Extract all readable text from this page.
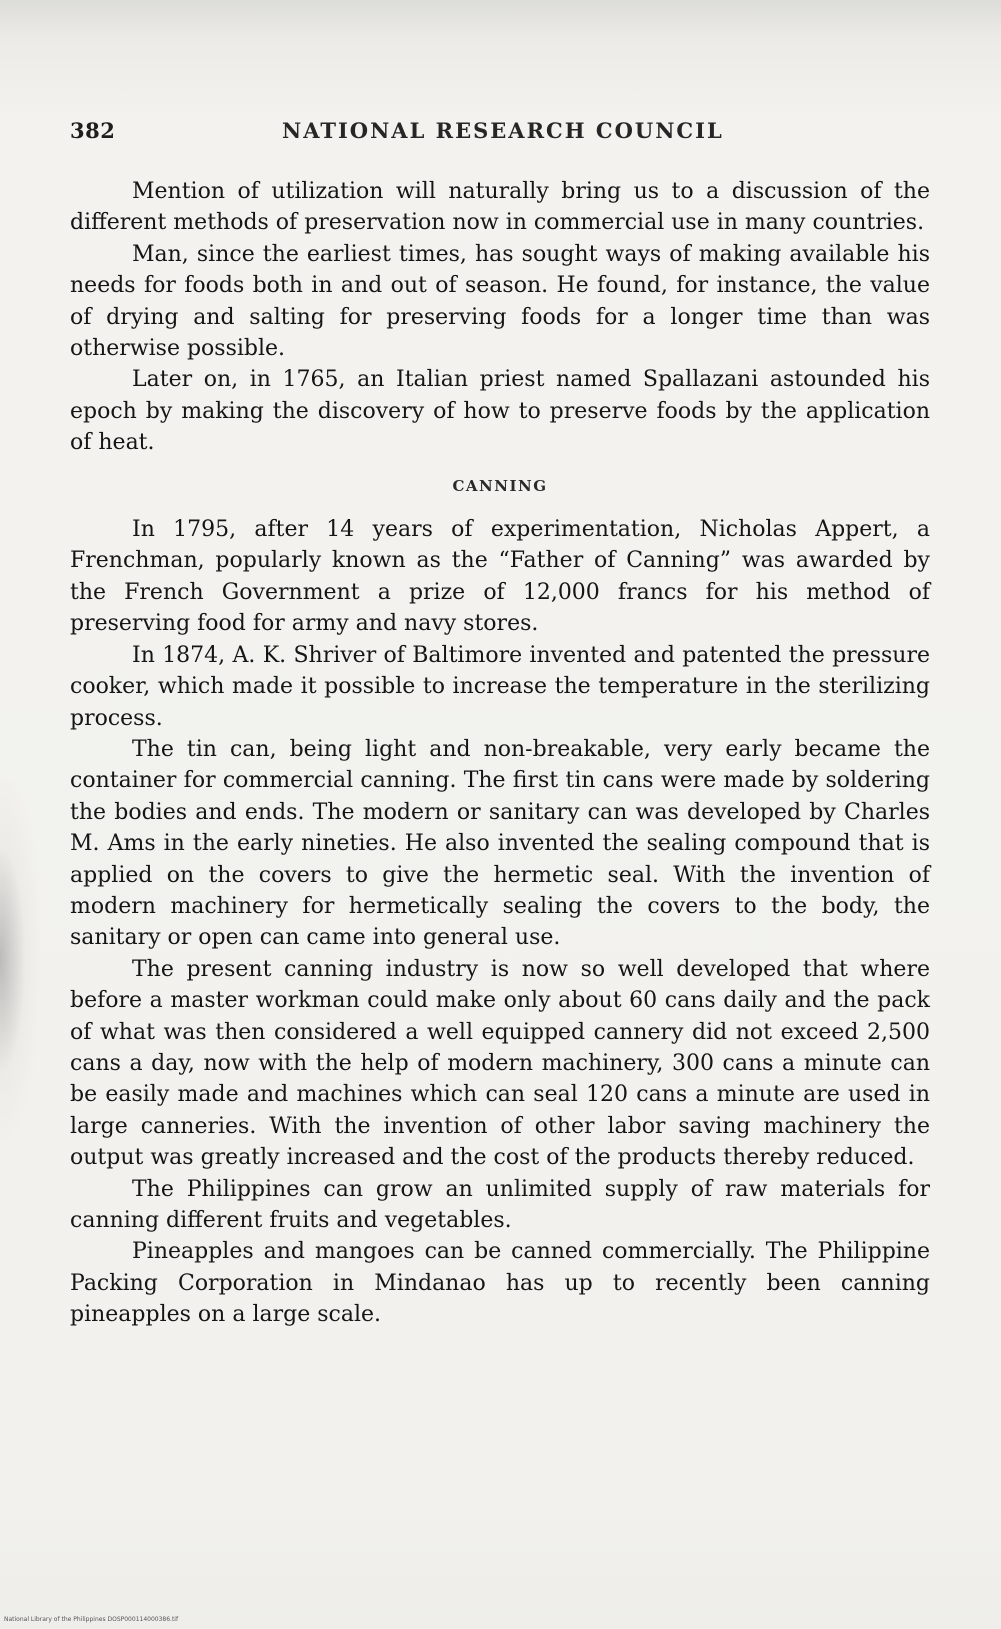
382	NATIONAL RESEARCH COUNCIL

Mention of utilization will naturally bring us to a discussion of the different methods of preservation now in commercial use in many countries.

Man, since the earliest times, has sought ways of making available his needs for foods both in and out of season. He found, for instance, the value of drying and salting for preserving foods for a longer time than was otherwise possible.

Later on, in 1765, an Italian priest named Spallazani astounded his epoch by making the discovery of how to preserve foods by the application of heat.

CANNING

In 1795, after 14 years of experimentation, Nicholas Appert, a Frenchman, popularly known as the “Father of Canning” was awarded by the French Government a prize of 12,000 francs for his method of preserving food for army and navy stores.

In 1874, A. K. Shriver of Baltimore invented and patented the pressure cooker, which made it possible to increase the temperature in the sterilizing process.

The tin can, being light and non-breakable, very early became the container for commercial canning. The first tin cans were made by soldering the bodies and ends. The modern or sanitary can was developed by Charles M. Ams in the early nineties. He also invented the sealing compound that is applied on the covers to give the hermetic seal. With the invention of modern machinery for hermetically sealing the covers to the body, the sanitary or open can came into general use.

The present canning industry is now so well developed that where before a master workman could make only about 60 cans daily and the pack of what was then considered a well equipped cannery did not exceed 2,500 cans a day, now with the help of modern machinery, 300 cans a minute can be easily made and machines which can seal 120 cans a minute are used in large canneries. With the invention of other labor saving machinery the output was greatly increased and the cost of the products thereby reduced.

The Philippines can grow an unlimited supply of raw materials for canning different fruits and vegetables.

Pineapples and mangoes can be canned commercially. The Philippine Packing Corporation in Mindanao has up to recently been canning pineapples on a large scale.

National Library of the Philippines DOSP000114000386.tif
